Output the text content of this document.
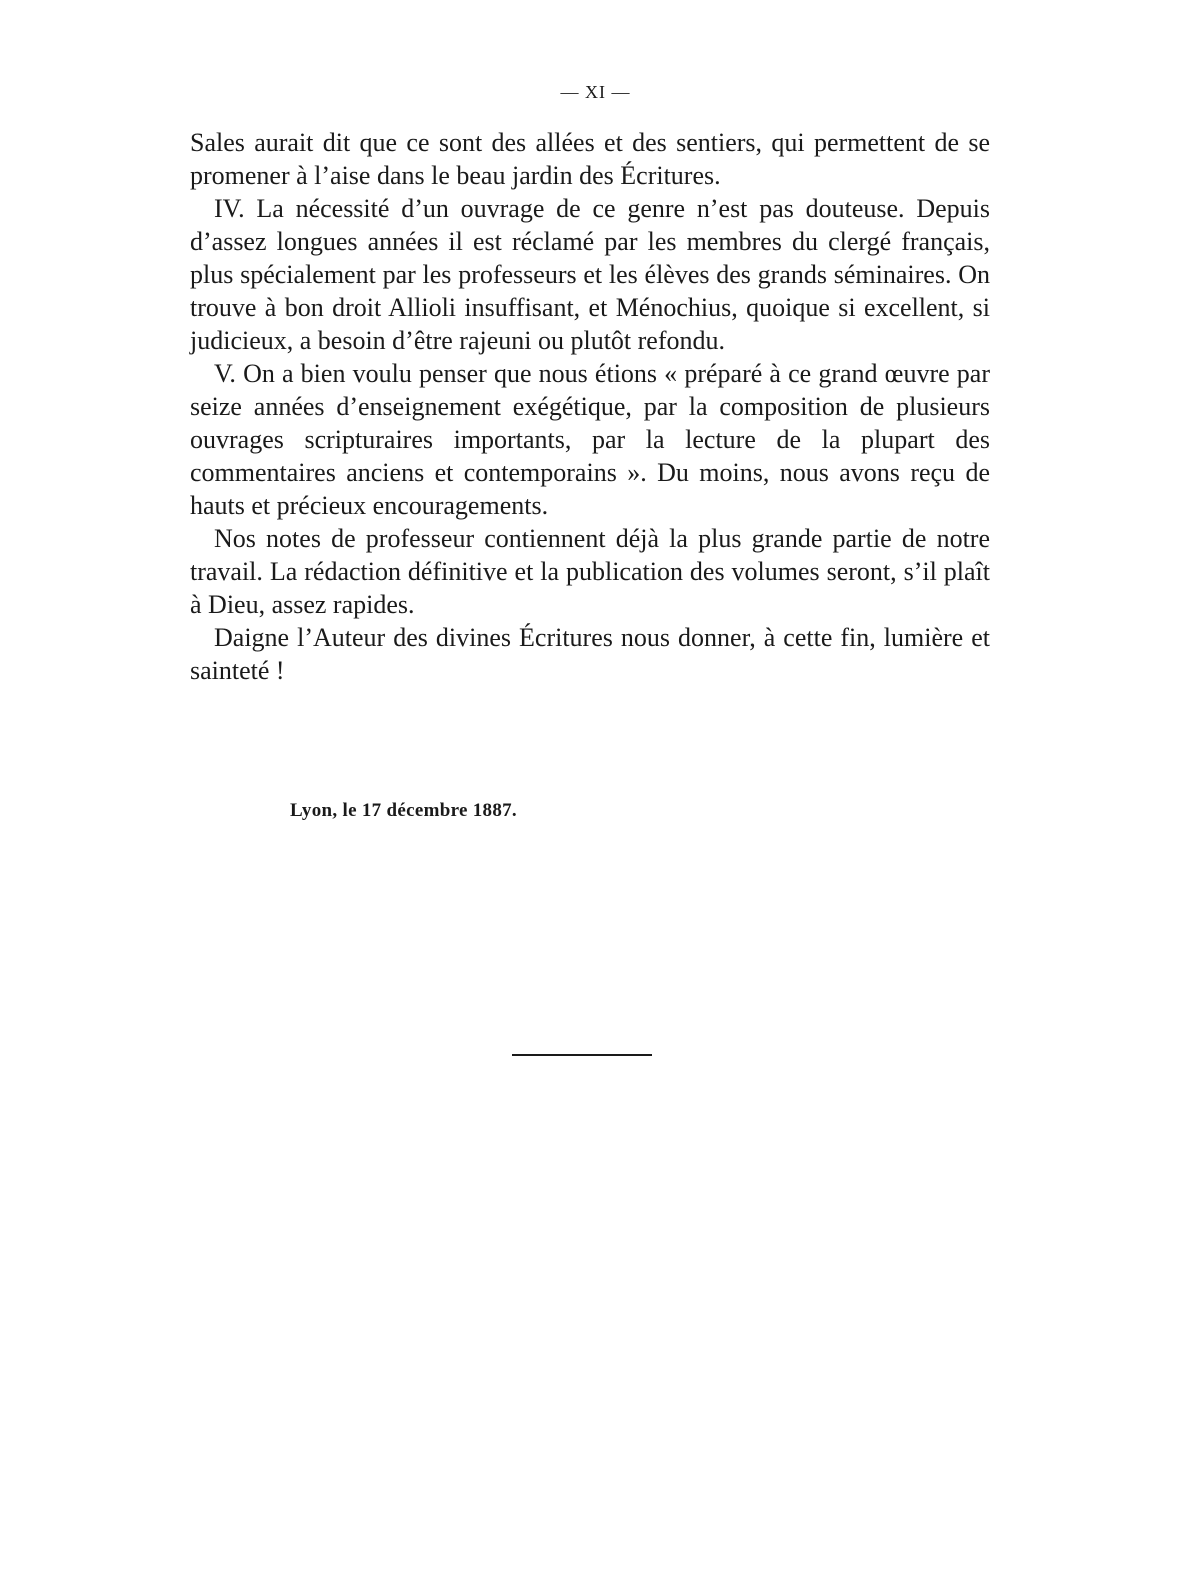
— XI —

Sales aurait dit que ce sont des allées et des sentiers, qui permettent de se promener à l’aise dans le beau jardin des Écritures.

IV. La nécessité d’un ouvrage de ce genre n’est pas douteuse. Depuis d’assez longues années il est réclamé par les membres du clergé français, plus spécialement par les professeurs et les élèves des grands séminaires. On trouve à bon droit Allioli insuffisant, et Ménochius, quoique si excellent, si judicieux, a besoin d’être rajeuni ou plutôt refondu.

V. On a bien voulu penser que nous étions « préparé à ce grand œuvre par seize années d’enseignement exégétique, par la composition de plusieurs ouvrages scripturaires importants, par la lecture de la plupart des commentaires anciens et contemporains ». Du moins, nous avons reçu de hauts et précieux encouragements.

Nos notes de professeur contiennent déjà la plus grande partie de notre travail. La rédaction définitive et la publication des volumes seront, s’il plaît à Dieu, assez rapides.

Daigne l’Auteur des divines Écritures nous donner, à cette fin, lumière et sainteté !

Lyon, le 17 décembre 1887.
